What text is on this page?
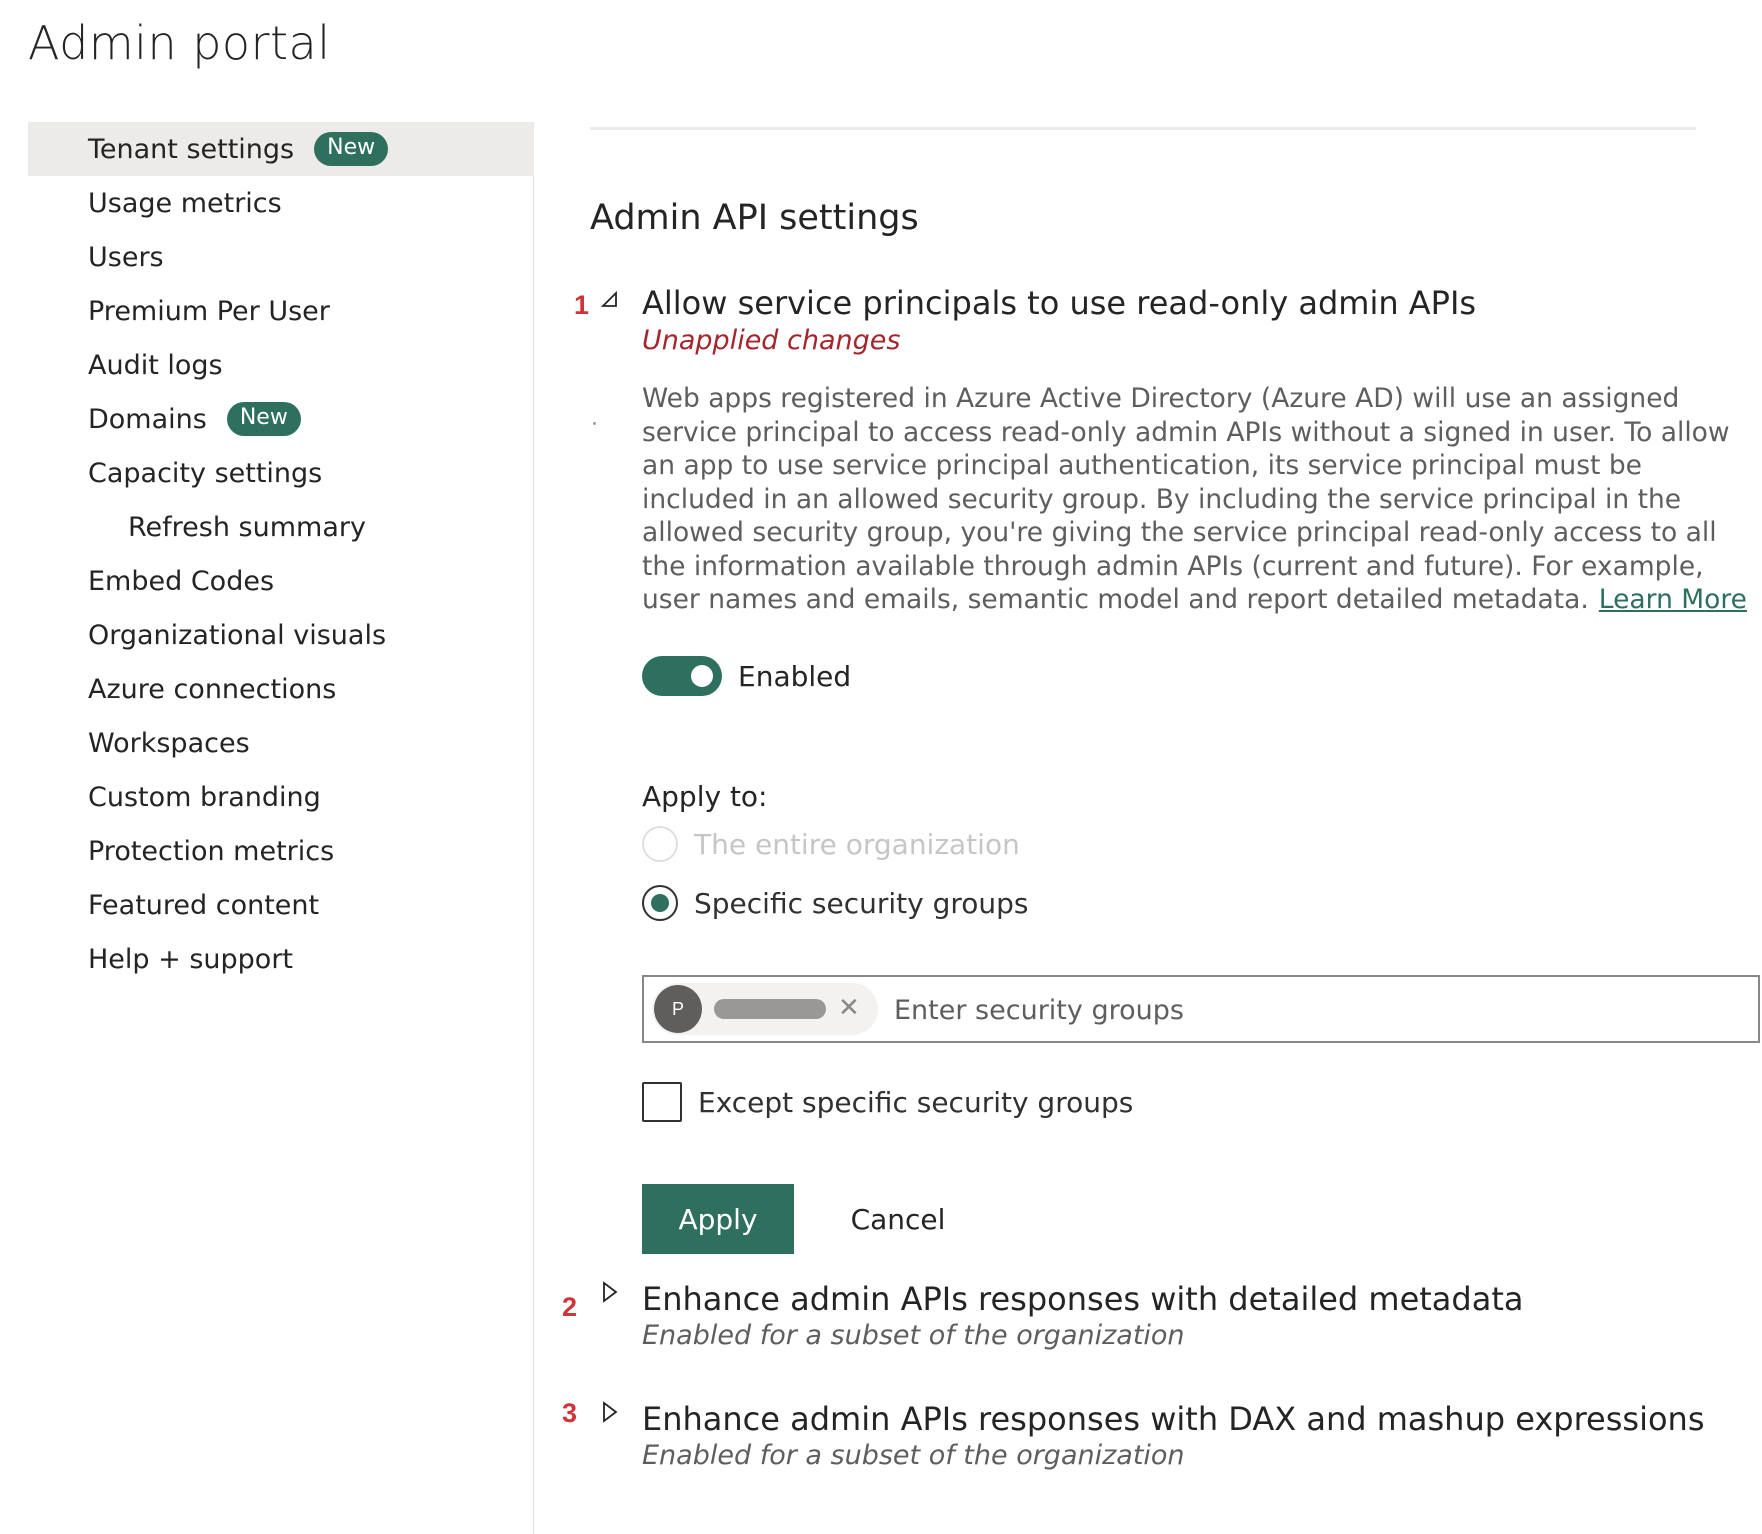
Admin portal
Tenant settings	New
Usage metrics
Users
Premium Per User
Audit logs
Domains	New
Capacity settings
Refresh summary
Embed Codes
Organizational visuals
Azure connections
Workspaces
Custom branding
Protection metrics
Featured content
Help + support
Admin API settings
1 Allow service principals to use read-only admin APIs
Unapplied changes
Web apps registered in Azure Active Directory (Azure AD) will use an assigned service principal to access read-only admin APIs without a signed in user. To allow an app to use service principal authentication, its service principal must be included in an allowed security group. By including the service principal in the allowed security group, you're giving the service principal read-only access to all the information available through admin APIs (current and future). For example, user names and emails, semantic model and report detailed metadata. Learn More
Enabled
Apply to:
The entire organization
Specific security groups
P	✕
Enter security groups
Except specific security groups
Apply	Cancel
2 Enhance admin APIs responses with detailed metadata
Enabled for a subset of the organization
3 Enhance admin APIs responses with DAX and mashup expressions
Enabled for a subset of the organization
